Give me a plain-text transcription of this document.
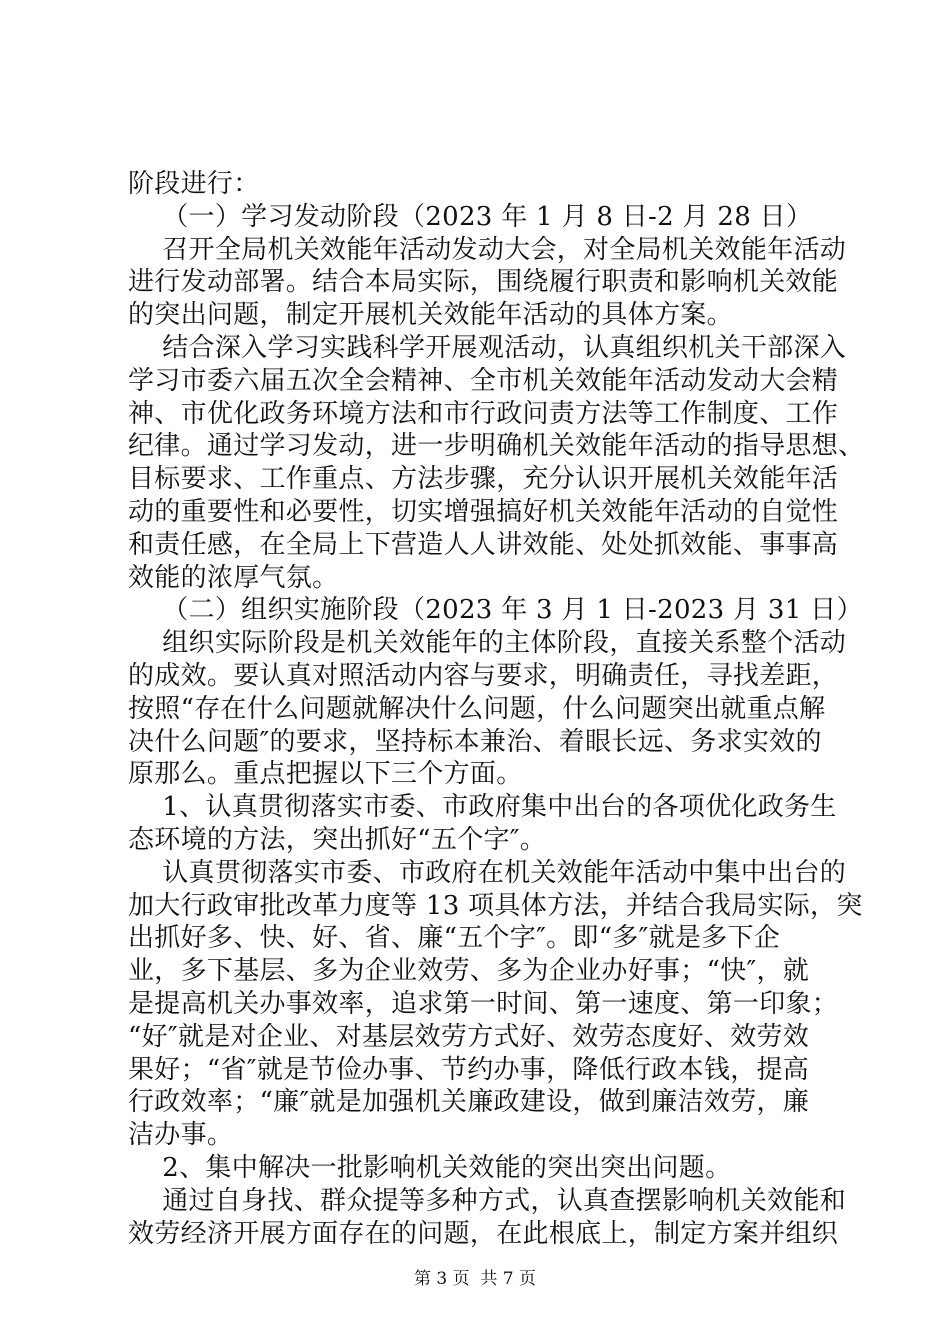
阶段进行：
（一）学习发动阶段（2023 年 1 月 8 日-2 月 28 日）
召开全局机关效能年活动发动大会，对全局机关效能年活动
进行发动部署。结合本局实际，围绕履行职责和影响机关效能
的突出问题，制定开展机关效能年活动的具体方案。
结合深入学习实践科学开展观活动，认真组织机关干部深入
学习市委六届五次全会精神、全市机关效能年活动发动大会精
神、市优化政务环境方法和市行政问责方法等工作制度、工作
纪律。通过学习发动，进一步明确机关效能年活动的指导思想、
目标要求、工作重点、方法步骤，充分认识开展机关效能年活
动的重要性和必要性，切实增强搞好机关效能年活动的自觉性
和责任感，在全局上下营造人人讲效能、处处抓效能、事事高
效能的浓厚气氛。
（二）组织实施阶段（2023 年 3 月 1 日-2023 月 31 日）
组织实际阶段是机关效能年的主体阶段，直接关系整个活动
的成效。要认真对照活动内容与要求，明确责任，寻找差距，
按照“存在什么问题就解决什么问题，什么问题突出就重点解
决什么问题″的要求，坚持标本兼治、着眼长远、务求实效的
原那么。重点把握以下三个方面。
1、认真贯彻落实市委、市政府集中出台的各项优化政务生
态环境的方法，突出抓好“五个字″。
认真贯彻落实市委、市政府在机关效能年活动中集中出台的
加大行政审批改革力度等 13 项具体方法，并结合我局实际，突
出抓好多、快、好、省、廉“五个字″。即“多″就是多下企
业，多下基层、多为企业效劳、多为企业办好事；“快″，就
是提高机关办事效率，追求第一时间、第一速度、第一印象；
“好″就是对企业、对基层效劳方式好、效劳态度好、效劳效
果好；“省″就是节俭办事、节约办事，降低行政本钱，提高
行政效率；“廉″就是加强机关廉政建设，做到廉洁效劳，廉
洁办事。
2、集中解决一批影响机关效能的突出突出问题。
通过自身找、群众提等多种方式，认真查摆影响机关效能和
效劳经济开展方面存在的问题，在此根底上，制定方案并组织
第 3 页  共 7 页
